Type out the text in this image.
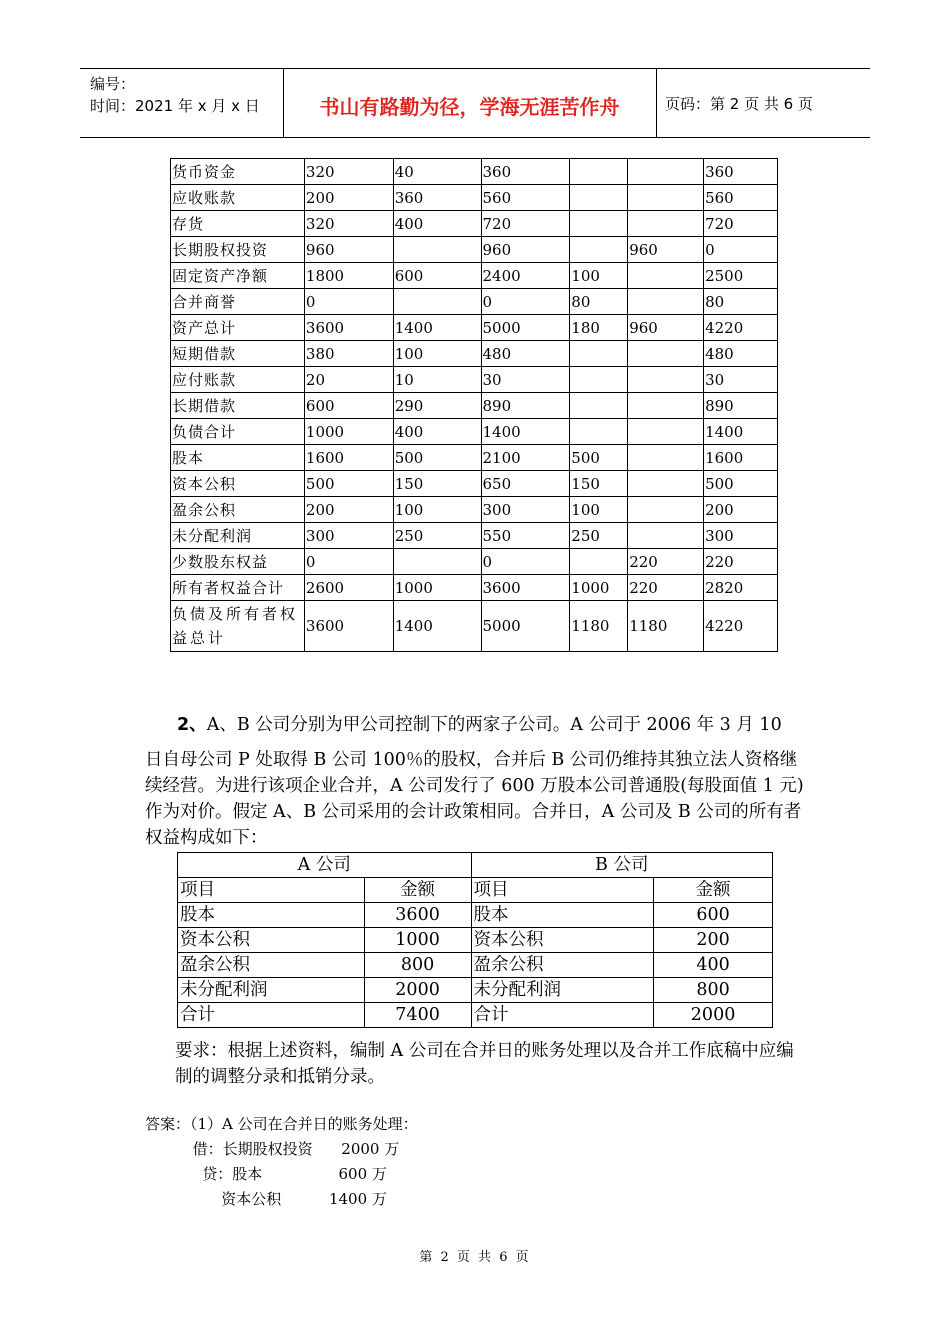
编号：
时间：2021 年 x 月 x 日	书山有路勤为径，学海无涯苦作舟	页码：第 2 页 共 6 页
货币资金	320	40	360			360
应收账款	200	360	560			560
存货	320	400	720			720
长期股权投资	960		960		960	0
固定资产净额	1800	600	2400	100		2500
合并商誉	0		0	80		80
资产总计	3600	1400	5000	180	960	4220
短期借款	380	100	480			480
应付账款	20	10	30			30
长期借款	600	290	890			890
负债合计	1000	400	1400			1400
股本	1600	500	2100	500		1600
资本公积	500	150	650	150		500
盈余公积	200	100	300	100		200
未分配利润	300	250	550	250		300
少数股东权益	0		0		220	220
所有者权益合计	2600	1000	3600	1000	220	2820
负债及所有者权益总计	3600	1400	5000	1180	1180	4220
2、A、B 公司分别为甲公司控制下的两家子公司。A 公司于 2006 年 3 月 10
日自母公司 P 处取得 B 公司 100％的股权，合并后 B 公司仍维持其独立法人资格继续经营。为进行该项企业合并，A 公司发行了 600 万股本公司普通股(每股面值 1 元)作为对价。假定 A、B 公司采用的会计政策相同。合并日，A 公司及 B 公司的所有者权益构成如下：
A 公司		B 公司	
项目	金额	项目	金额
股本	3600	股本	600
资本公积	1000	资本公积	200
盈余公积	800	盈余公积	400
未分配利润	2000	未分配利润	800
合计	7400	合计	2000
要求：根据上述资料，编制 A 公司在合并日的账务处理以及合并工作底稿中应编制的调整分录和抵销分录。
答案：（1）A 公司在合并日的账务处理：
借：长期股权投资      2000 万
贷：股本                600 万
资本公积          1400 万
第 2 页 共 6 页
